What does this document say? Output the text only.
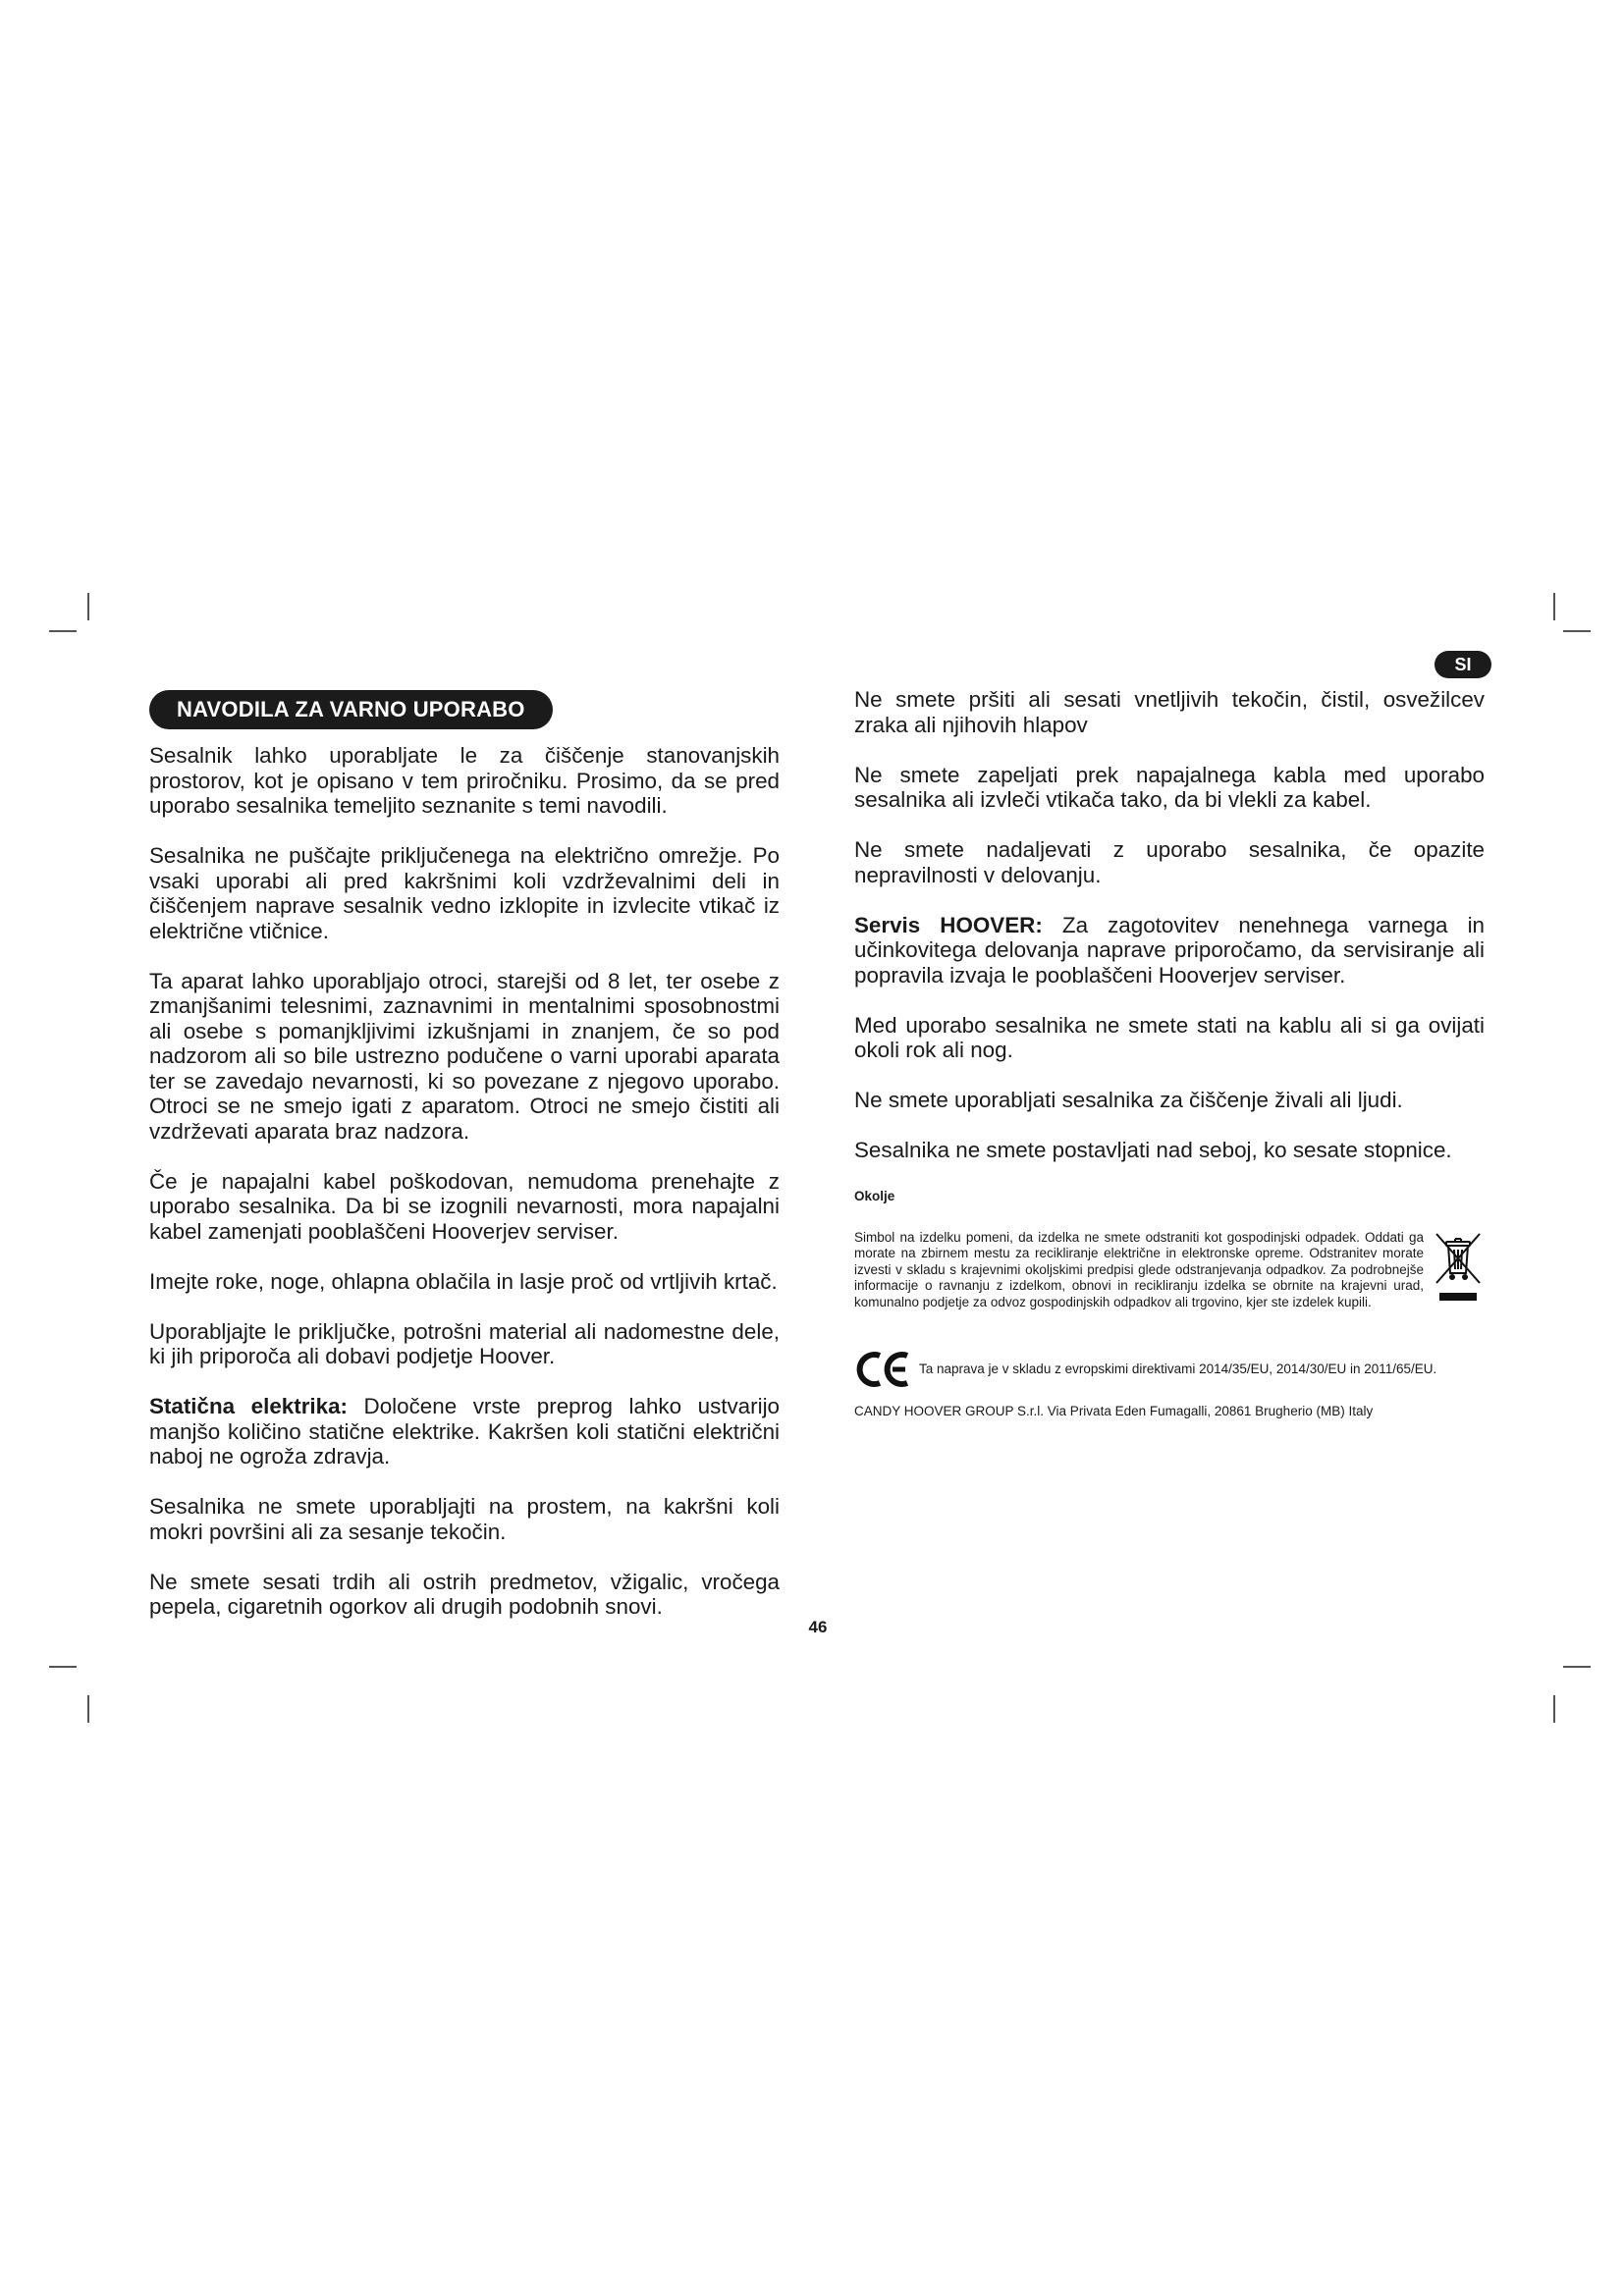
NAVODILA ZA VARNO UPORABO
SI

Sesalnik lahko uporabljate le za čiščenje stanovanjskih prostorov, kot je opisano v tem priročniku. Prosimo, da se pred uporabo sesalnika temeljito seznanite s temi navodili.

Sesalnika ne puščajte priključenega na električno omrežje. Po vsaki uporabi ali pred kakršnimi koli vzdrževalnimi deli in čiščenjem naprave sesalnik vedno izklopite in izvlecite vtikač iz električne vtičnice.

Ta aparat lahko uporabljajo otroci, starejši od 8 let, ter osebe z zmanjšanimi telesnimi, zaznavnimi in mentalnimi sposobnostmi ali osebe s pomanjkljivimi izkušnjami in znanjem, če so pod nadzorom ali so bile ustrezno podučene o varni uporabi aparata ter se zavedajo nevarnosti, ki so povezane z njegovo uporabo. Otroci se ne smejo igati z aparatom. Otroci ne smejo čistiti ali vzdrževati aparata braz nadzora.

Če je napajalni kabel poškodovan, nemudoma prenehajte z uporabo sesalnika. Da bi se izognili nevarnosti, mora napajalni kabel zamenjati pooblaščeni Hooverjev serviser.

Imejte roke, noge, ohlapna oblačila in lasje proč od vrtljivih krtač.

Uporabljajte le priključke, potrošni material ali nadomestne dele, ki jih priporoča ali dobavi podjetje Hoover.

Statična elektrika: Določene vrste preprog lahko ustvarijo manjšo količino statične elektrike. Kakršen koli statični električni naboj ne ogroža zdravja.

Sesalnika ne smete uporabljajti na prostem, na kakršni koli mokri površini ali za sesanje tekočin.

Ne smete sesati trdih ali ostrih predmetov, vžigalic, vročega pepela, cigaretnih ogorkov ali drugih podobnih snovi.

Ne smete pršiti ali sesati vnetljivih tekočin, čistil, osvežilcev zraka ali njihovih hlapov

Ne smete zapeljati prek napajalnega kabla med uporabo sesalnika ali izvleči vtikača tako, da bi vlekli za kabel.

Ne smete nadaljevati z uporabo sesalnika, če opazite nepravilnosti v delovanju.

Servis HOOVER: Za zagotovitev nenehnega varnega in učinkovitega delovanja naprave priporočamo, da servisiranje ali popravila izvaja le pooblaščeni Hooverjev serviser.

Med uporabo sesalnika ne smete stati na kablu ali si ga ovijati okoli rok ali nog.

Ne smete uporabljati sesalnika za čiščenje živali ali ljudi.

Sesalnika ne smete postavljati nad seboj, ko sesate stopnice.

Okolje

Simbol na izdelku pomeni, da izdelka ne smete odstraniti kot gospodinjski odpadek. Oddati ga morate na zbirnem mestu za recikliranje električne in elektronske opreme. Odstranitev morate izvesti v skladu s krajevnimi okoljskimi predpisi glede odstranjevanja odpadkov. Za podrobnejše informacije o ravnanju z izdelkom, obnovi in recikliranju izdelka se obrnite na krajevni urad, komunalno podjetje za odvoz gospodinjskih odpadkov ali trgovino, kjer ste izdelek kupili.

Ta naprava je v skladu z evropskimi direktivami 2014/35/EU, 2014/30/EU in 2011/65/EU.
CANDY HOOVER GROUP S.r.l. Via Privata Eden Fumagalli, 20861 Brugherio (MB) Italy
46
